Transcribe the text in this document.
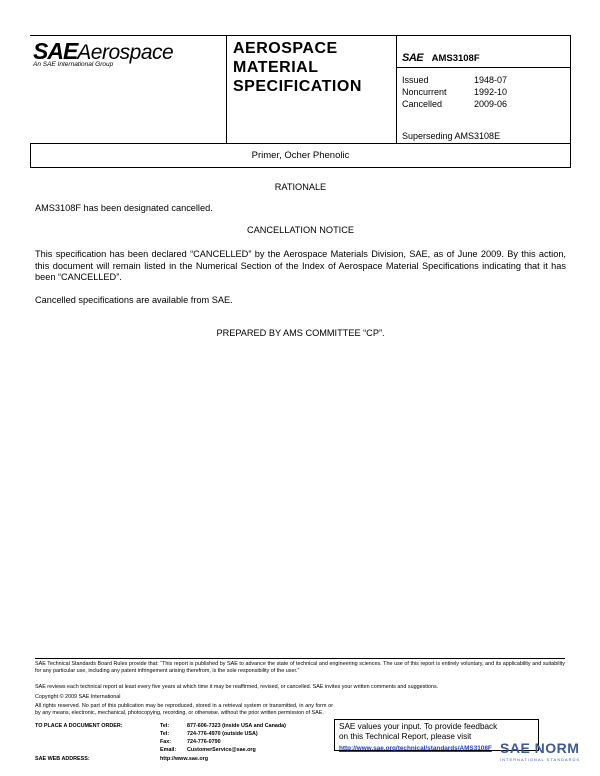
SAEAerospace
An SAE International Group
AEROSPACE
MATERIAL
SPECIFICATION
SAE AMS3108F
Issued	1948-07
Noncurrent	1992-10
Cancelled	2009-06
Superseding AMS3108E
Primer, Ocher Phenolic
RATIONALE
AMS3108F has been designated cancelled.
CANCELLATION NOTICE
This specification has been declared “CANCELLED” by the Aerospace Materials Division, SAE, as of June 2009. By this action, this document will remain listed in the Numerical Section of the Index of Aerospace Material Specifications indicating that it has been “CANCELLED”.
Cancelled specifications are available from SAE.
PREPARED BY AMS COMMITTEE “CP”.
SAE Technical Standards Board Rules provide that: “This report is published by SAE to advance the state of technical and engineering sciences. The use of this report is entirely voluntary, and its applicability and suitability for any particular use, including any patent infringement arising therefrom, is the sole responsibility of the user.”
SAE reviews each technical report at least every five years at which time it may be reaffirmed, revised, or cancelled. SAE invites your written comments and suggestions.
Copyright © 2009 SAE International
All rights reserved. No part of this publication may be reproduced, stored in a retrieval system or transmitted, in any form or by any means, electronic, mechanical, photocopying, recording, or otherwise, without the prior written permission of SAE.
TO PLACE A DOCUMENT ORDER:	Tel:	877-606-7323 (inside USA and Canada)
Tel:	724-776-4970 (outside USA)
Fax:	724-776-0790
Email: CustomerService@sae.org
SAE WEB ADDRESS:	http://www.sae.org
SAE values your input. To provide feedback
on this Technical Report, please visit
http://www.sae.org/technical/standards/AMS3108F SAE NORM
INTERNATIONAL STANDARDS
